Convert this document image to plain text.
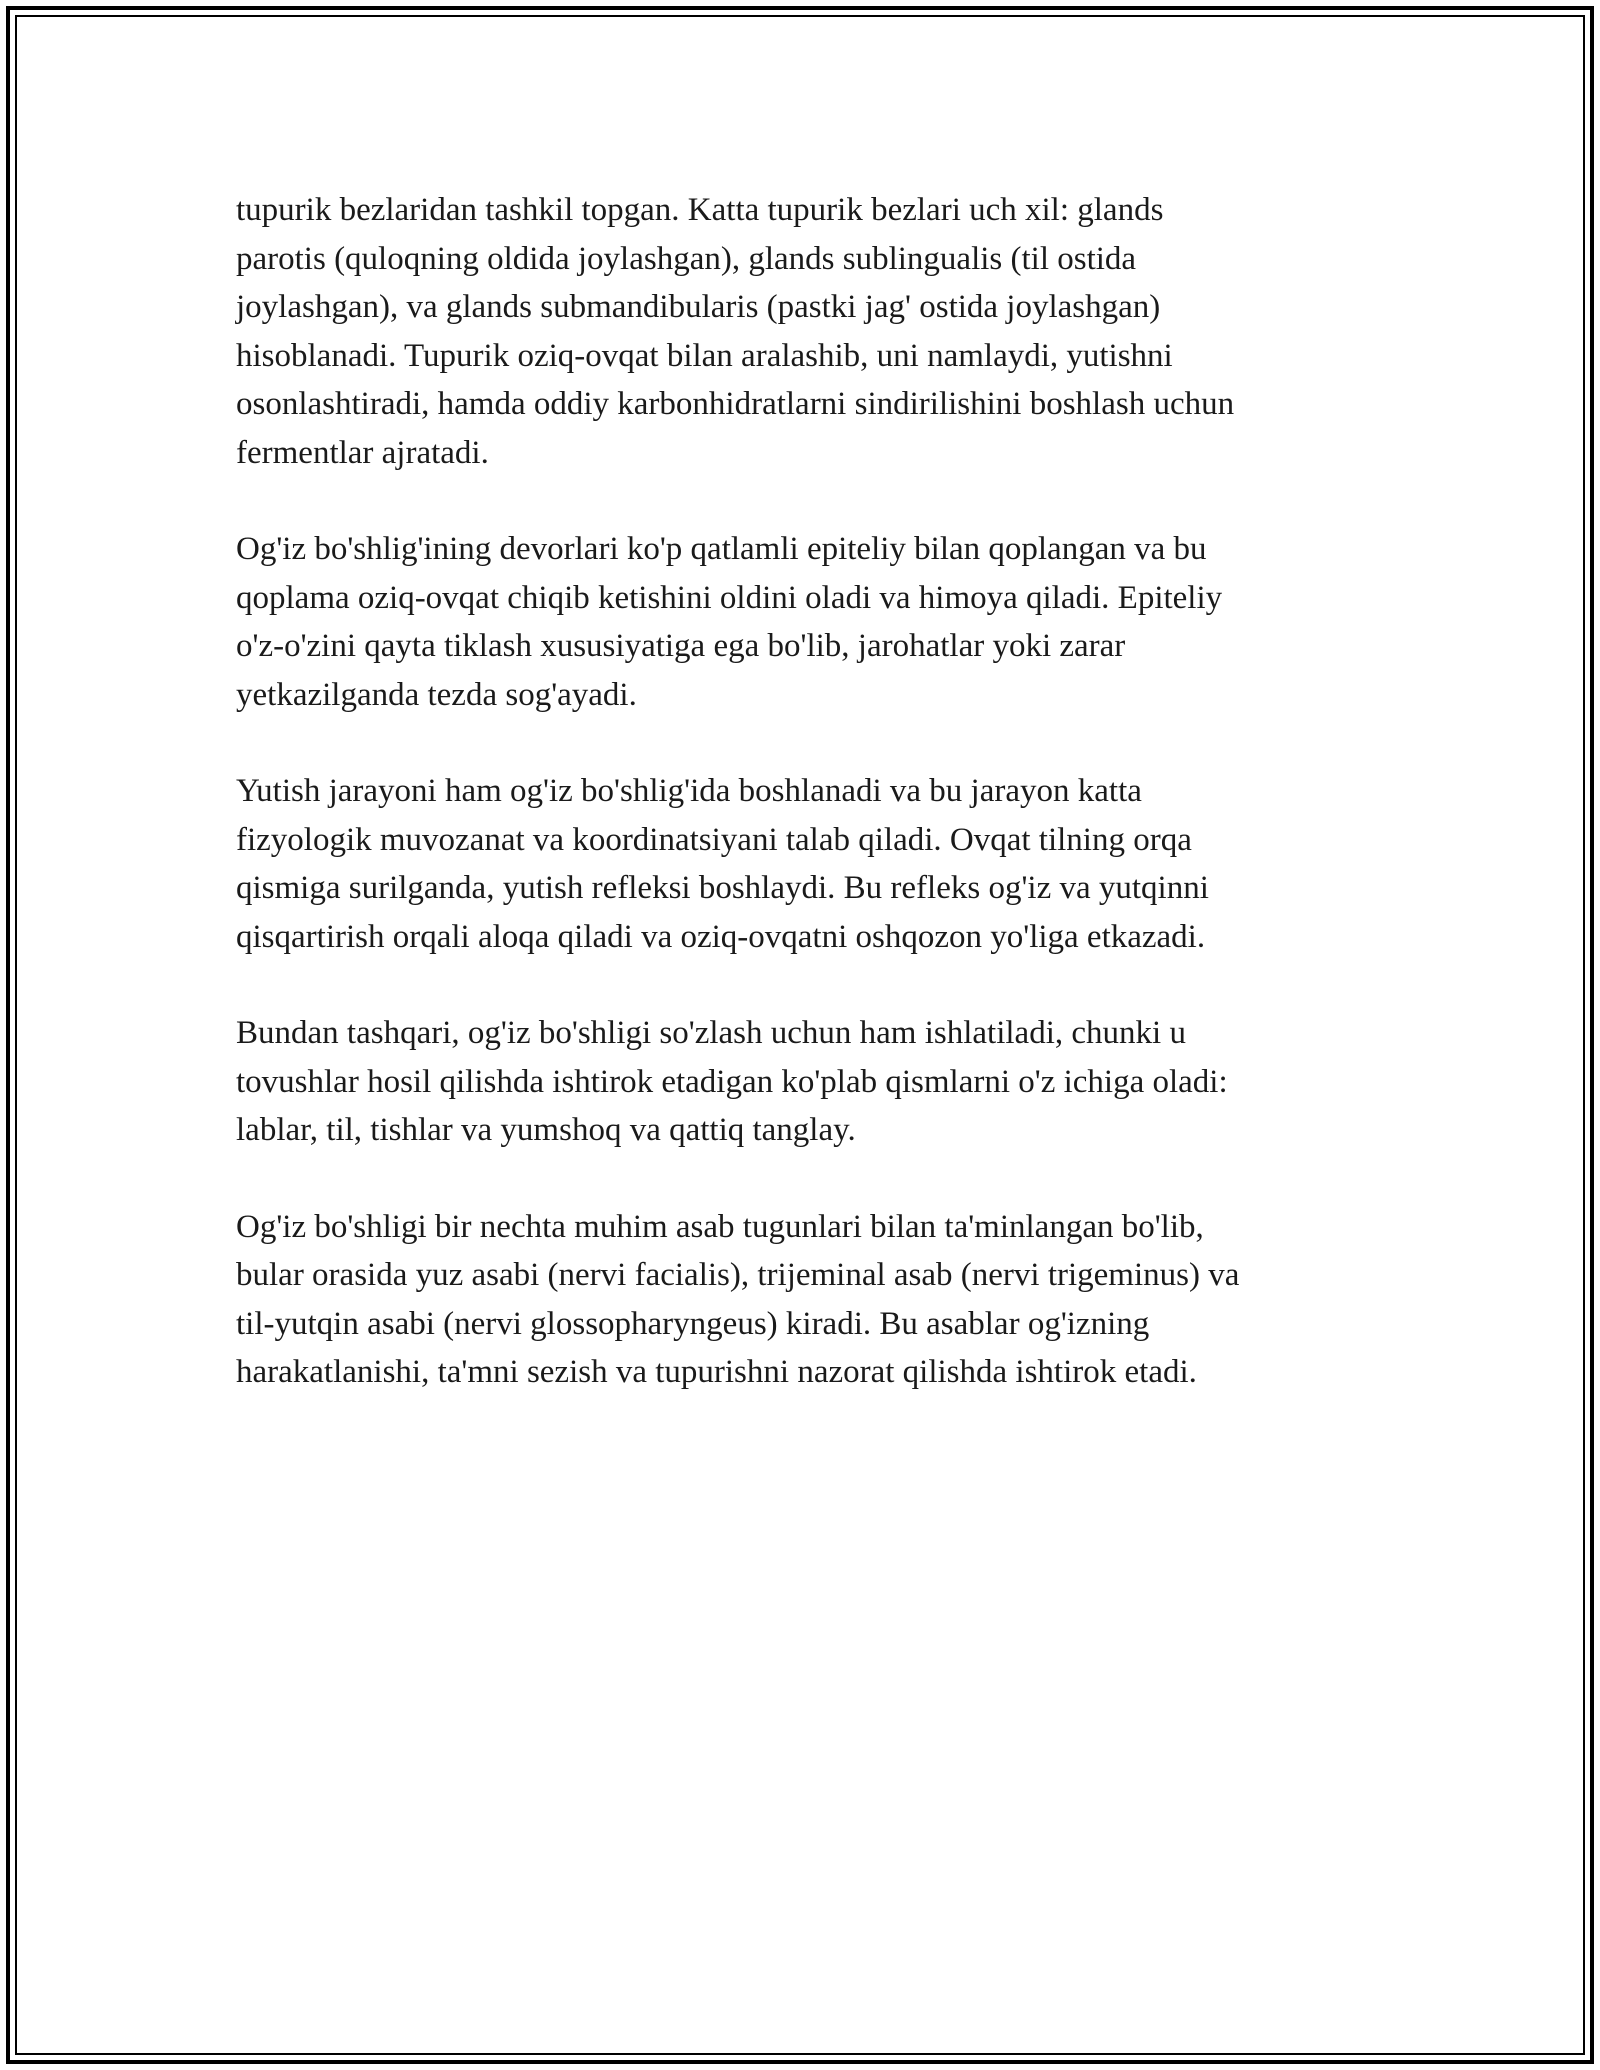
tupurik bezlaridan tashkil topgan. Katta tupurik bezlari uch xil: glands
parotis (quloqning oldida joylashgan), glands sublingualis (til ostida
joylashgan), va glands submandibularis (pastki jag' ostida joylashgan)
hisoblanadi. Tupurik oziq-ovqat bilan aralashib, uni namlaydi, yutishni
osonlashtiradi, hamda oddiy karbonhidratlarni sindirilishini boshlash uchun
fermentlar ajratadi.

Og'iz bo'shlig'ining devorlari ko'p qatlamli epiteliy bilan qoplangan va bu
qoplama oziq-ovqat chiqib ketishini oldini oladi va himoya qiladi. Epiteliy
o'z-o'zini qayta tiklash xususiyatiga ega bo'lib, jarohatlar yoki zarar
yetkazilganda tezda sog'ayadi.

Yutish jarayoni ham og'iz bo'shlig'ida boshlanadi va bu jarayon katta
fizyologik muvozanat va koordinatsiyani talab qiladi. Ovqat tilning orqa
qismiga surilganda, yutish refleksi boshlaydi. Bu refleks og'iz va yutqinni
qisqartirish orqali aloqa qiladi va oziq-ovqatni oshqozon yo'liga etkazadi.

Bundan tashqari, og'iz bo'shligi so'zlash uchun ham ishlatiladi, chunki u
tovushlar hosil qilishda ishtirok etadigan ko'plab qismlarni o'z ichiga oladi:
lablar, til, tishlar va yumshoq va qattiq tanglay.

Og'iz bo'shligi bir nechta muhim asab tugunlari bilan ta'minlangan bo'lib,
bular orasida yuz asabi (nervi facialis), trijeminal asab (nervi trigeminus) va
til-yutqin asabi (nervi glossopharyngeus) kiradi. Bu asablar og'izning
harakatlanishi, ta'mni sezish va tupurishni nazorat qilishda ishtirok etadi.
